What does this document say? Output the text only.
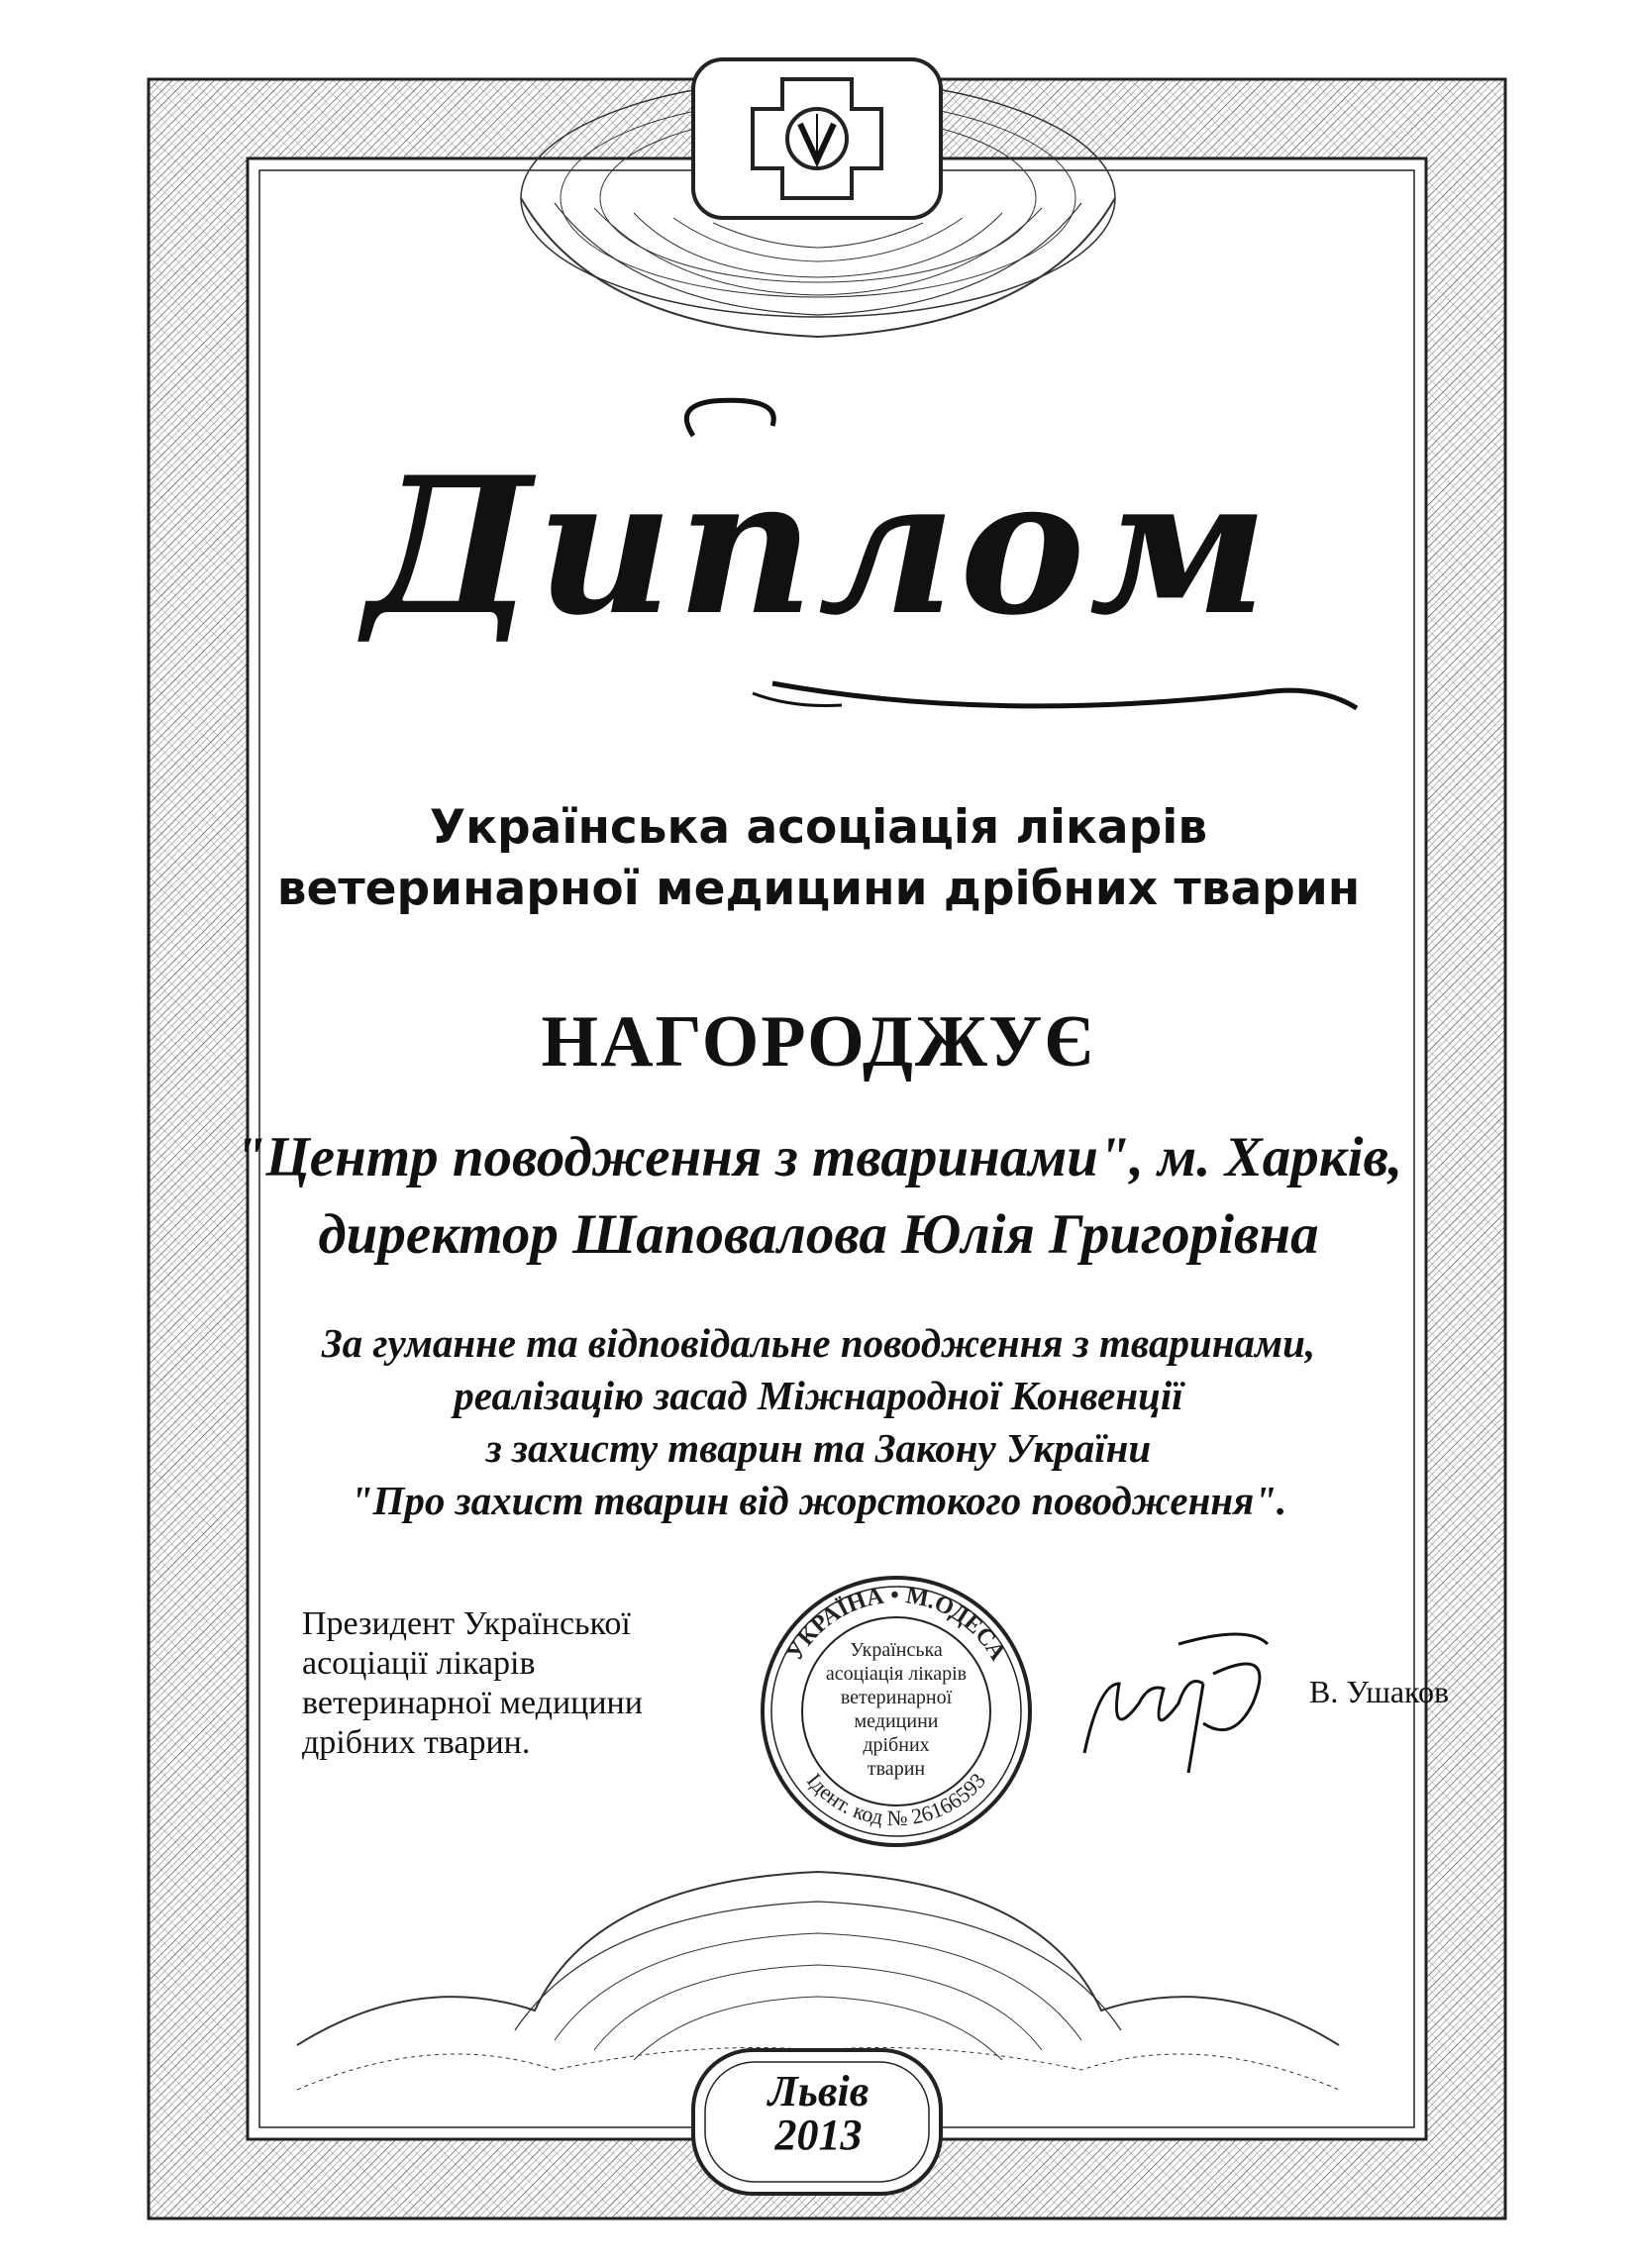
УКРАЇНА • М.ОДЕСА
Ідент. код № 26166593
Українська
асоціація лікарів
ветеринарної
медицини
дрібних
тварин
Диплом
Українська асоціація лікарів
ветеринарної медицини дрібних тварин
НАГОРОДЖУЄ
"Центр поводження з тваринами", м. Харків,
директор Шаповалова Юлія Григорівна
За гуманне та відповідальне поводження з тваринами,
реалізацію засад Міжнародної Конвенції
з захисту тварин та Закону України
"Про захист тварин від жорстокого поводження".
Президент Української
асоціації лікарів
ветеринарної медицини
дрібних тварин.
В. Ушаков
Львів
2013
